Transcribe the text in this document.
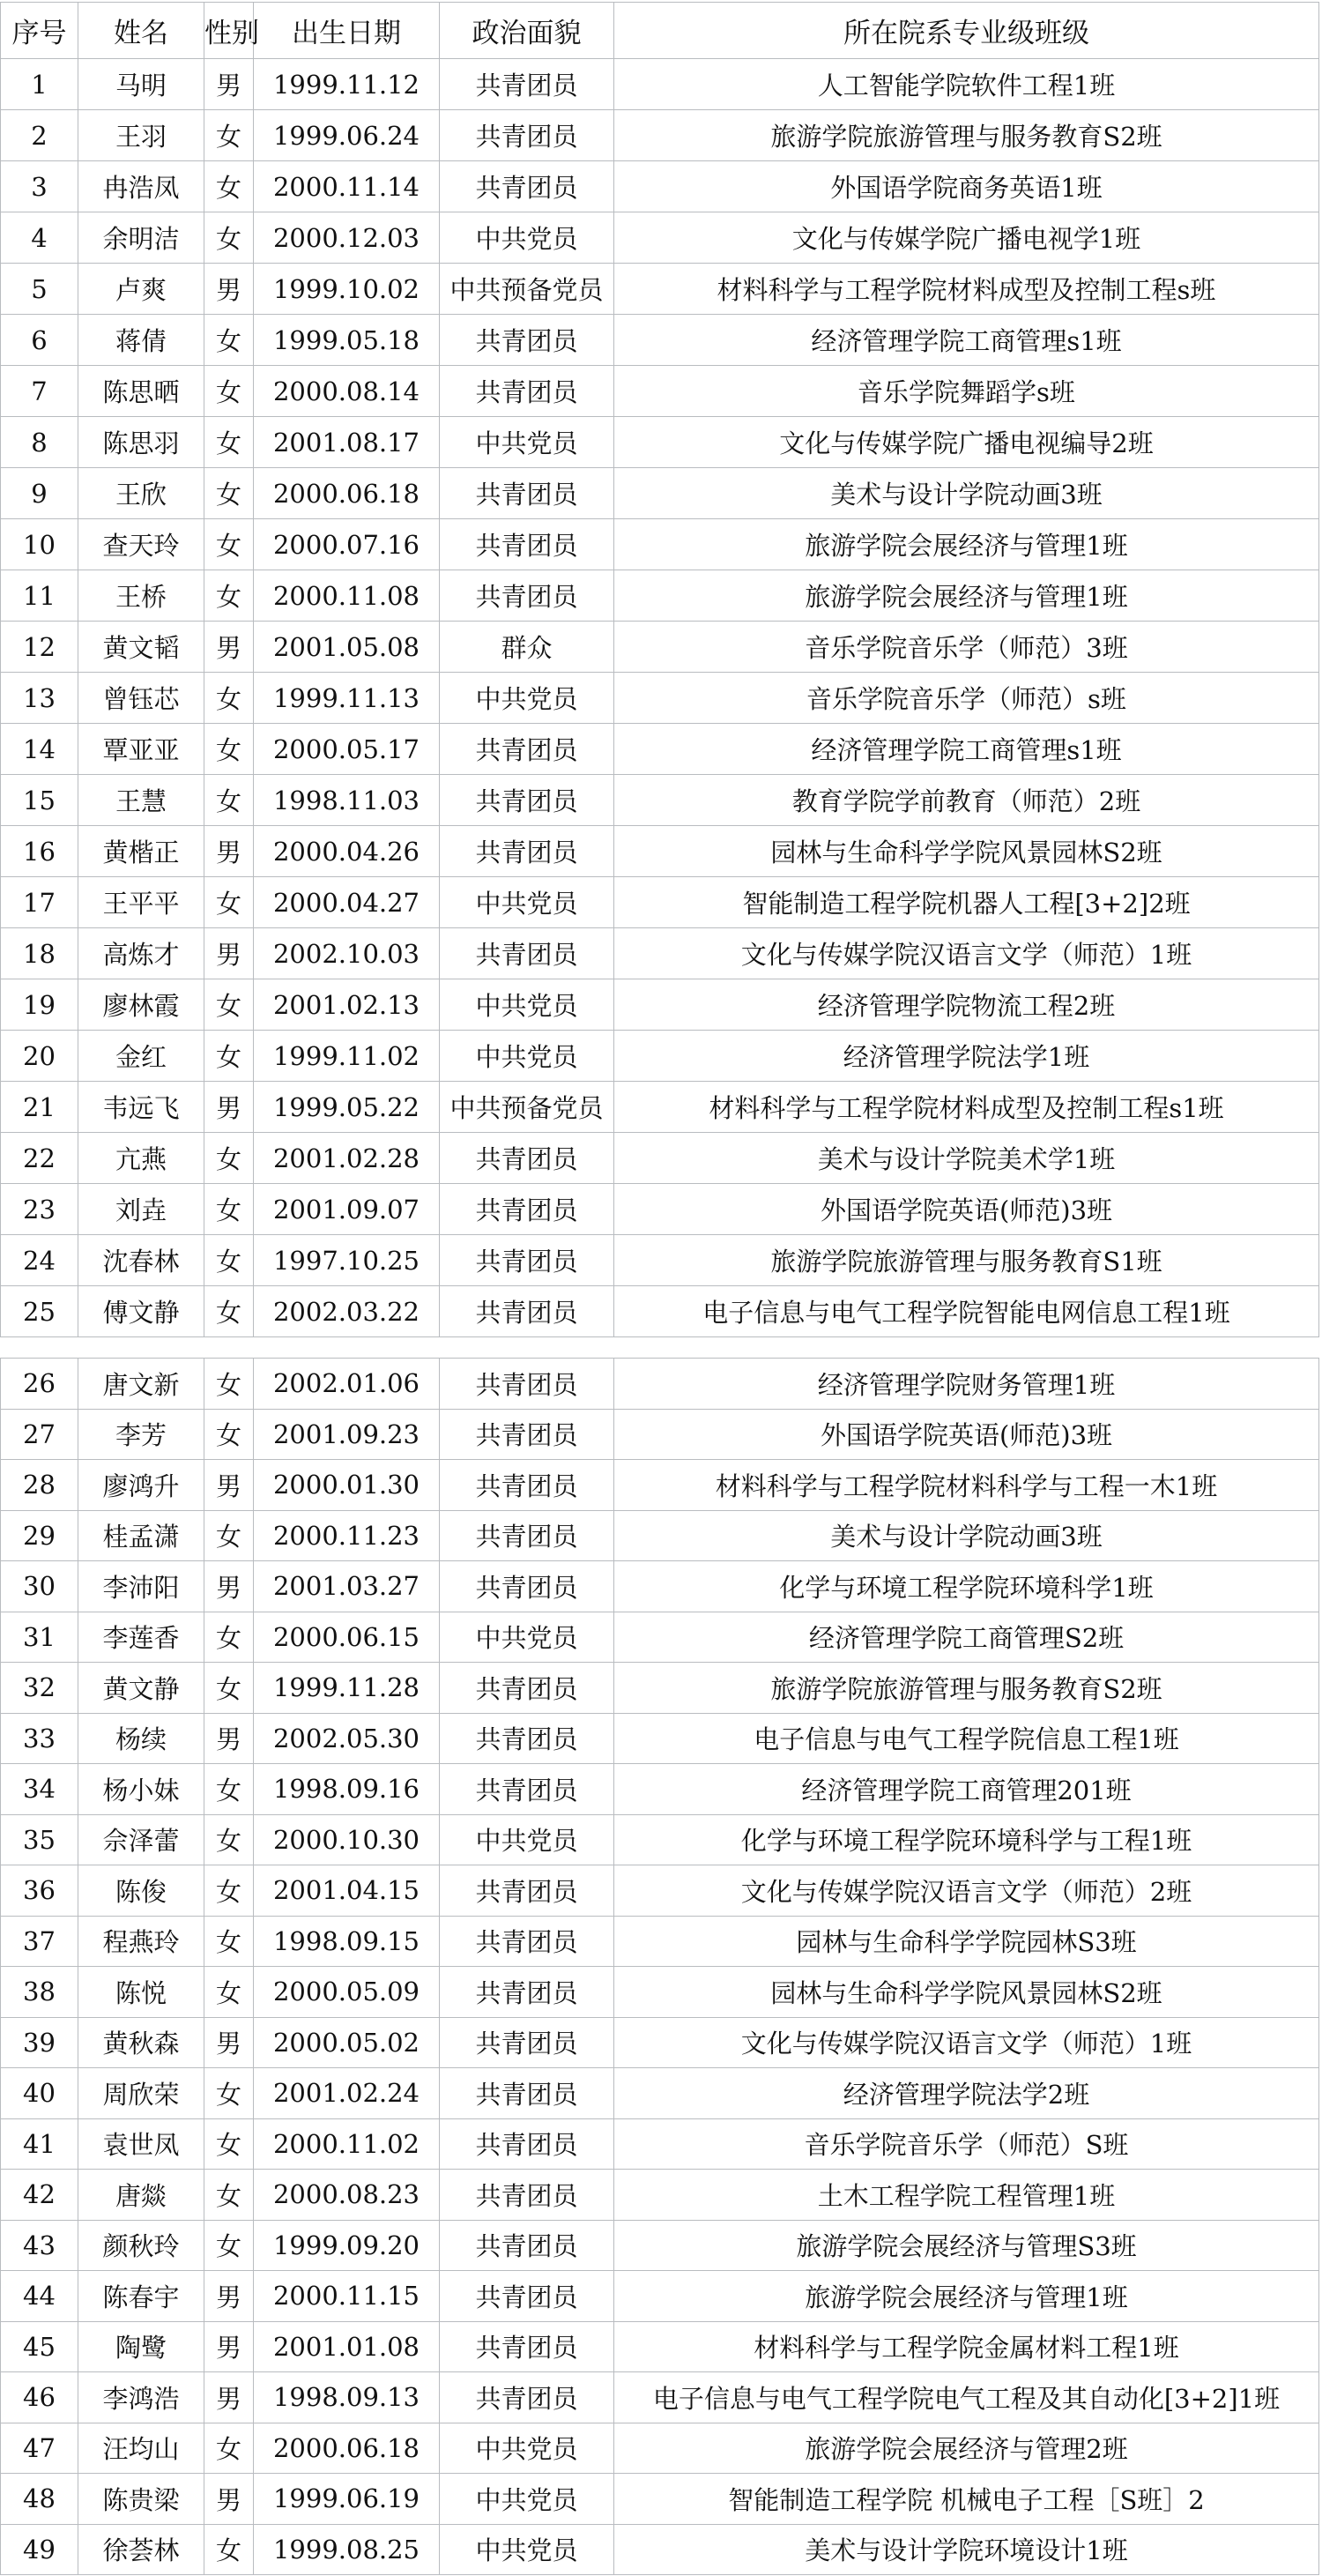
序号	姓名	性别	出生日期	政治面貌	所在院系专业级班级
1	马明	男	1999.11.12	共青团员	人工智能学院软件工程1班
2	王羽	女	1999.06.24	共青团员	旅游学院旅游管理与服务教育S2班
3	冉浩凤	女	2000.11.14	共青团员	外国语学院商务英语1班
4	余明洁	女	2000.12.03	中共党员	文化与传媒学院广播电视学1班
5	卢爽	男	1999.10.02	中共预备党员	材料科学与工程学院材料成型及控制工程s班
6	蒋倩	女	1999.05.18	共青团员	经济管理学院工商管理s1班
7	陈思晒	女	2000.08.14	共青团员	音乐学院舞蹈学s班
8	陈思羽	女	2001.08.17	中共党员	文化与传媒学院广播电视编导2班
9	王欣	女	2000.06.18	共青团员	美术与设计学院动画3班
10	查天玲	女	2000.07.16	共青团员	旅游学院会展经济与管理1班
11	王桥	女	2000.11.08	共青团员	旅游学院会展经济与管理1班
12	黄文韬	男	2001.05.08	群众	音乐学院音乐学（师范）3班
13	曾钰芯	女	1999.11.13	中共党员	音乐学院音乐学（师范）s班
14	覃亚亚	女	2000.05.17	共青团员	经济管理学院工商管理s1班
15	王慧	女	1998.11.03	共青团员	教育学院学前教育（师范）2班
16	黄楷正	男	2000.04.26	共青团员	园林与生命科学学院风景园林S2班
17	王平平	女	2000.04.27	中共党员	智能制造工程学院机器人工程[3+2]2班
18	高炼才	男	2002.10.03	共青团员	文化与传媒学院汉语言文学（师范）1班
19	廖林霞	女	2001.02.13	中共党员	经济管理学院物流工程2班
20	金红	女	1999.11.02	中共党员	经济管理学院法学1班
21	韦远飞	男	1999.05.22	中共预备党员	材料科学与工程学院材料成型及控制工程s1班
22	亢燕	女	2001.02.28	共青团员	美术与设计学院美术学1班
23	刘垚	女	2001.09.07	共青团员	外国语学院英语(师范)3班
24	沈春林	女	1997.10.25	共青团员	旅游学院旅游管理与服务教育S1班
25	傅文静	女	2002.03.22	共青团员	电子信息与电气工程学院智能电网信息工程1班
26	唐文新	女	2002.01.06	共青团员	经济管理学院财务管理1班
27	李芳	女	2001.09.23	共青团员	外国语学院英语(师范)3班
28	廖鸿升	男	2000.01.30	共青团员	材料科学与工程学院材料科学与工程一木1班
29	桂孟潇	女	2000.11.23	共青团员	美术与设计学院动画3班
30	李沛阳	男	2001.03.27	共青团员	化学与环境工程学院环境科学1班
31	李莲香	女	2000.06.15	中共党员	经济管理学院工商管理S2班
32	黄文静	女	1999.11.28	共青团员	旅游学院旅游管理与服务教育S2班
33	杨续	男	2002.05.30	共青团员	电子信息与电气工程学院信息工程1班
34	杨小妹	女	1998.09.16	共青团员	经济管理学院工商管理201班
35	佘泽蕾	女	2000.10.30	中共党员	化学与环境工程学院环境科学与工程1班
36	陈俊	女	2001.04.15	共青团员	文化与传媒学院汉语言文学（师范）2班
37	程燕玲	女	1998.09.15	共青团员	园林与生命科学学院园林S3班
38	陈悦	女	2000.05.09	共青团员	园林与生命科学学院风景园林S2班
39	黄秋森	男	2000.05.02	共青团员	文化与传媒学院汉语言文学（师范）1班
40	周欣荣	女	2001.02.24	共青团员	经济管理学院法学2班
41	袁世凤	女	2000.11.02	共青团员	音乐学院音乐学（师范）S班
42	唐燚	女	2000.08.23	共青团员	土木工程学院工程管理1班
43	颜秋玲	女	1999.09.20	共青团员	旅游学院会展经济与管理S3班
44	陈春宇	男	2000.11.15	共青团员	旅游学院会展经济与管理1班
45	陶鹭	男	2001.01.08	共青团员	材料科学与工程学院金属材料工程1班
46	李鸿浩	男	1998.09.13	共青团员	电子信息与电气工程学院电气工程及其自动化[3+2]1班
47	汪均山	女	2000.06.18	中共党员	旅游学院会展经济与管理2班
48	陈贵梁	男	1999.06.19	中共党员	智能制造工程学院 机械电子工程［S班］2
49	徐荟林	女	1999.08.25	中共党员	美术与设计学院环境设计1班
